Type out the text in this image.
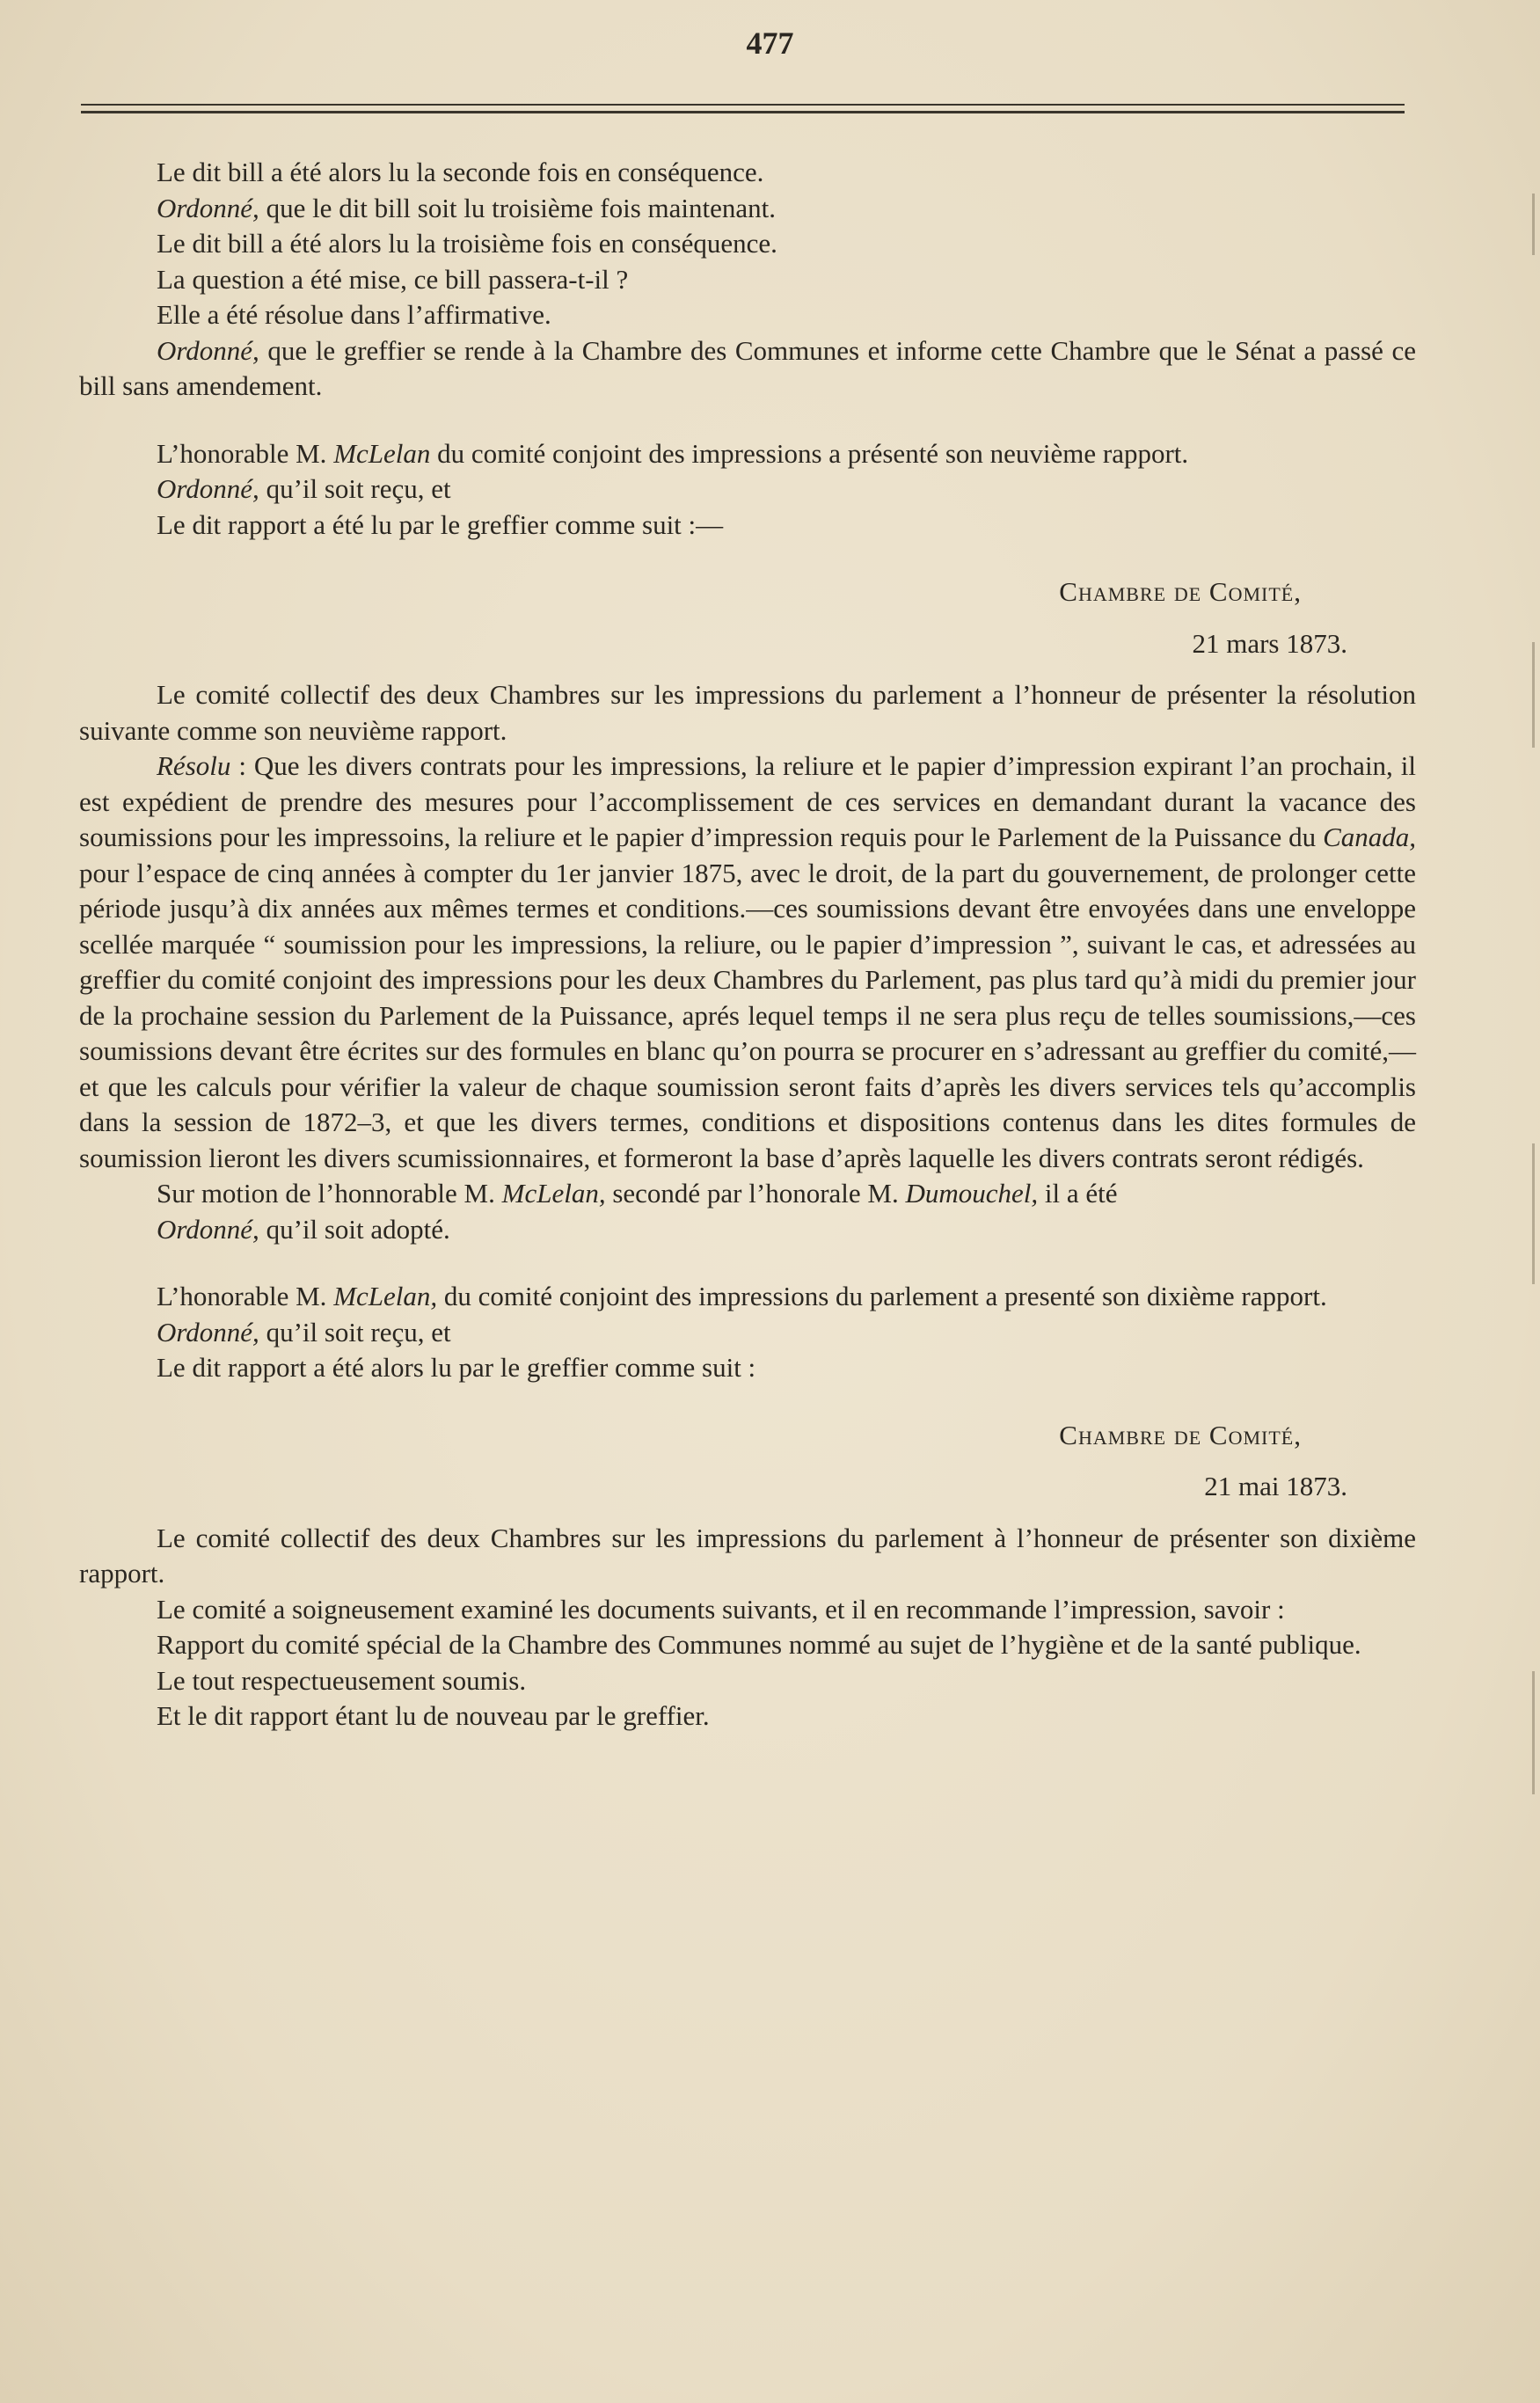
477

Le dit bill a été alors lu la seconde fois en conséquence.

Ordonné, que le dit bill soit lu troisième fois maintenant.

Le dit bill a été alors lu la troisième fois en conséquence.

La question a été mise, ce bill passera-t-il ?

Elle a été résolue dans l’affirmative.

Ordonné, que le greffier se rende à la Chambre des Communes et informe cette Chambre que le Sénat a passé ce bill sans amendement.

L’honorable M. McLelan du comité conjoint des impressions a présenté son neuvième rapport.

Ordonné, qu’il soit reçu, et

Le dit rapport a été lu par le greffier comme suit :—

Chambre de Comité,

21 mars 1873.

Le comité collectif des deux Chambres sur les impressions du parlement a l’honneur de présenter la résolution suivante comme son neuvième rapport.

Résolu : Que les divers contrats pour les impressions, la reliure et le papier d’impression expirant l’an prochain, il est expédient de prendre des mesures pour l’accomplissement de ces services en demandant durant la vacance des soumissions pour les impressoins, la reliure et le papier d’impression requis pour le Parlement de la Puissance du Canada, pour l’espace de cinq années à compter du 1er janvier 1875, avec le droit, de la part du gouvernement, de prolonger cette période jusqu’à dix années aux mêmes termes et conditions.—ces soumissions devant être envoyées dans une enveloppe scellée marquée “ soumission pour les impressions, la reliure, ou le papier d’impression ”, suivant le cas, et adressées au greffier du comité conjoint des impressions pour les deux Chambres du Parlement, pas plus tard qu’à midi du premier jour de la prochaine session du Parlement de la Puissance, aprés lequel temps il ne sera plus reçu de telles soumissions,—ces soumissions devant être écrites sur des formules en blanc qu’on pourra se procurer en s’adressant au greffier du comité,—et que les calculs pour vérifier la valeur de chaque soumission seront faits d’après les divers services tels qu’accomplis dans la session de 1872–3, et que les divers termes, conditions et dispositions contenus dans les dites formules de soumission lieront les divers scumissionnaires, et formeront la base d’après laquelle les divers contrats seront rédigés.

Sur motion de l’honnorable M. McLelan, secondé par l’honorale M. Dumouchel, il a été

Ordonné, qu’il soit adopté.

L’honorable M. McLelan, du comité conjoint des impressions du parlement a presenté son dixième rapport.

Ordonné, qu’il soit reçu, et

Le dit rapport a été alors lu par le greffier comme suit :

Chambre de Comité,

21 mai 1873.

Le comité collectif des deux Chambres sur les impressions du parlement à l’honneur de présenter son dixième rapport.

Le comité a soigneusement examiné les documents suivants, et il en recommande l’impression, savoir :

Rapport du comité spécial de la Chambre des Communes nommé au sujet de l’hygiène et de la santé publique.

Le tout respectueusement soumis.

Et le dit rapport étant lu de nouveau par le greffier.
